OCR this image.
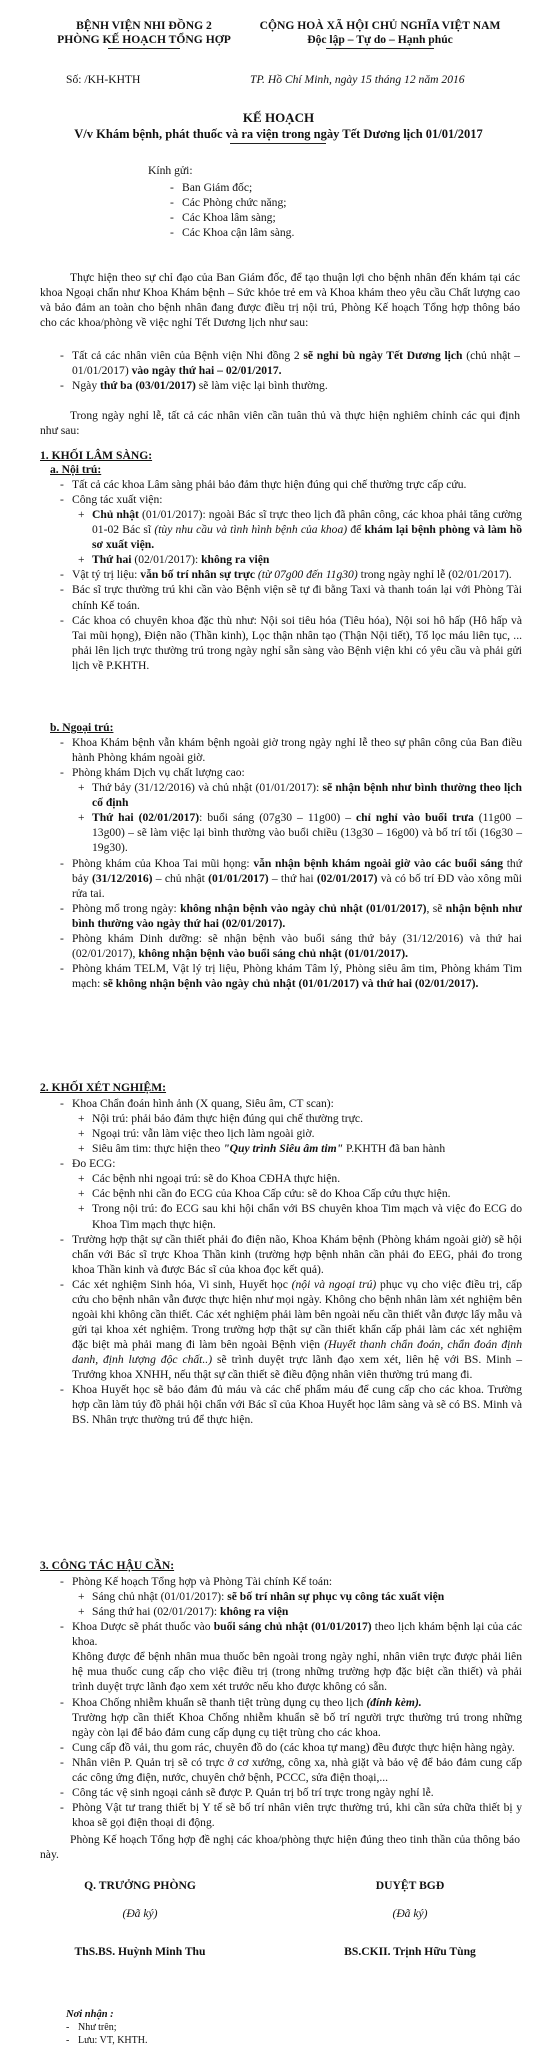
BỆNH VIỆN NHI ĐỒNG 2
PHÒNG KẾ HOẠCH TỔNG HỢP
CỘNG HOÀ XÃ HỘI CHỦ NGHĨA VIỆT NAM
Độc lập – Tự do – Hạnh phúc
Số: /KH-KHTH	TP. Hồ Chí Minh, ngày 15 tháng 12 năm 2016
KẾ HOẠCH
V/v Khám bệnh, phát thuốc và ra viện trong ngày Tết Dương lịch 01/01/2017
Kính gửi:
- Ban Giám đốc;
- Các Phòng chức năng;
- Các Khoa lâm sàng;
- Các Khoa cận lâm sàng.
Thực hiện theo sự chỉ đạo của Ban Giám đốc, để tạo thuận lợi cho bệnh nhân đến khám tại các khoa Ngoại chẩn như Khoa Khám bệnh – Sức khỏe trẻ em và Khoa khám theo yêu cầu Chất lượng cao và bảo đảm an toàn cho bệnh nhân đang được điều trị nội trú, Phòng Kế hoạch Tổng hợp thông báo cho các khoa/phòng về việc nghỉ Tết Dương lịch như sau:
- Tất cả các nhân viên của Bệnh viện Nhi đồng 2 sẽ nghỉ bù ngày Tết Dương lịch (chủ nhật – 01/01/2017) vào ngày thứ hai – 02/01/2017.
- Ngày thứ ba (03/01/2017) sẽ làm việc lại bình thường.
Trong ngày nghỉ lễ, tất cả các nhân viên cần tuân thủ và thực hiện nghiêm chỉnh các qui định như sau:
1. KHỐI LÂM SÀNG:
a. Nội trú:
- Tất cả các khoa Lâm sàng phải bảo đảm thực hiện đúng qui chế thường trực cấp cứu.
- Công tác xuất viện:
+ Chủ nhật (01/01/2017): ngoài Bác sĩ trực theo lịch đã phân công, các khoa phải tăng cường 01-02 Bác sĩ (tùy nhu cầu và tình hình bệnh của khoa) để khám lại bệnh phòng và làm hồ sơ xuất viện.
+ Thứ hai (02/01/2017): không ra viện
- Vật tý trị liệu: vẫn bố trí nhân sự trực (từ 07g00 đến 11g30) trong ngày nghỉ lễ (02/01/2017).
- Bác sĩ trực thường trú khi cần vào Bệnh viện sẽ tự đi bằng Taxi và thanh toán lại với Phòng Tài chính Kế toán.
- Các khoa có chuyên khoa đặc thù như: Nội soi tiêu hóa (Tiêu hóa), Nội soi hô hấp (Hô hấp và Tai mũi họng), Điện não (Thần kinh), Lọc thận nhân tạo (Thận Nội tiết), Tổ lọc máu liên tục, ... phải lên lịch trực thường trú trong ngày nghỉ sẵn sàng vào Bệnh viện khi có yêu cầu và phải gửi lịch về P.KHTH.
b. Ngoại trú:
- Khoa Khám bệnh vẫn khám bệnh ngoài giờ trong ngày nghỉ lễ theo sự phân công của Ban điều hành Phòng khám ngoài giờ.
- Phòng khám Dịch vụ chất lượng cao:
+ Thứ bảy (31/12/2016) và chủ nhật (01/01/2017): sẽ nhận bệnh như bình thường theo lịch cố định
+ Thứ hai (02/01/2017): buổi sáng (07g30 – 11g00) – chỉ nghỉ vào buổi trưa (11g00 – 13g00) – sẽ làm việc lại bình thường vào buổi chiều (13g30 – 16g00) và bố trí tối (16g30 – 19g30).
- Phòng khám của Khoa Tai mũi họng: vẫn nhận bệnh khám ngoài giờ vào các buổi sáng thứ bảy (31/12/2016) – chủ nhật (01/01/2017) – thứ hai (02/01/2017) và có bố trí ĐD vào xông mũi rửa tai.
- Phòng mổ trong ngày: không nhận bệnh vào ngày chủ nhật (01/01/2017), sẽ nhận bệnh như bình thường vào ngày thứ hai (02/01/2017).
- Phòng khám Dinh dưỡng: sẽ nhận bệnh vào buổi sáng thứ bảy (31/12/2016) và thứ hai (02/01/2017), không nhận bệnh vào buổi sáng chủ nhật (01/01/2017).
- Phòng khám TELM, Vật lý trị liệu, Phòng khám Tâm lý, Phòng siêu âm tim, Phòng khám Tim mạch: sẽ không nhận bệnh vào ngày chủ nhật (01/01/2017) và thứ hai (02/01/2017).
2. KHỐI XÉT NGHIỆM:
- Khoa Chẩn đoán hình ảnh (X quang, Siêu âm, CT scan):
+ Nội trú: phải bảo đảm thực hiện đúng qui chế thường trực.
+ Ngoại trú: vẫn làm việc theo lịch làm ngoài giờ.
+ Siêu âm tim: thực hiện theo "Quy trình Siêu âm tim" P.KHTH đã ban hành
- Đo ECG:
+ Các bệnh nhi ngoại trú: sẽ do Khoa CĐHA thực hiện.
+ Các bệnh nhi cần đo ECG của Khoa Cấp cứu: sẽ do Khoa Cấp cứu thực hiện.
+ Trong nội trú: đo ECG sau khi hội chẩn với BS chuyên khoa Tim mạch và việc đo ECG do Khoa Tim mạch thực hiện.
- Trường hợp thật sự cần thiết phải đo điện não, Khoa Khám bệnh (Phòng khám ngoài giờ) sẽ hội chẩn với Bác sĩ trực Khoa Thần kinh (trường hợp bệnh nhân cần phải đo EEG, phải đo trong khoa Thần kinh và được Bác sĩ của khoa đọc kết quả).
- Các xét nghiệm Sinh hóa, Vi sinh, Huyết học (nội và ngoại trú) phục vụ cho việc điều trị, cấp cứu cho bệnh nhân vẫn được thực hiện như mọi ngày. Không cho bệnh nhân làm xét nghiệm bên ngoài khi không cần thiết. Các xét nghiệm phải làm bên ngoài nếu cần thiết vẫn được lấy mẫu và gửi tại khoa xét nghiệm. Trong trường hợp thật sự cần thiết khẩn cấp phải làm các xét nghiệm đặc biệt mà phải mang đi làm bên ngoài Bệnh viện (Huyết thanh chẩn đoán, chẩn đoán định danh, định lượng độc chất..) sẽ trình duyệt trực lãnh đạo xem xét, liên hệ với BS. Minh – Trưởng khoa XNHH, nếu thật sự cần thiết sẽ điều động nhân viên thường trú mang đi.
- Khoa Huyết học sẽ bảo đảm đủ máu và các chế phẩm máu để cung cấp cho các khoa. Trường hợp cần làm túy đồ phải hội chẩn với Bác sĩ của Khoa Huyết học lâm sàng và sẽ có BS. Minh và BS. Nhân trực thường trú để thực hiện.
3. CÔNG TÁC HẬU CẦN:
- Phòng Kế hoạch Tổng hợp và Phòng Tài chính Kế toán:
+ Sáng chủ nhật (01/01/2017): sẽ bố trí nhân sự phục vụ công tác xuất viện
+ Sáng thứ hai (02/01/2017): không ra viện
- Khoa Dược sẽ phát thuốc vào buổi sáng chủ nhật (01/01/2017) theo lịch khám bệnh lại của các khoa.
Không được để bệnh nhân mua thuốc bên ngoài trong ngày nghỉ, nhân viên trực được phải liên hệ mua thuốc cung cấp cho việc điều trị (trong những trường hợp đặc biệt cần thiết) và phải trình duyệt trực lãnh đạo xem xét trước nếu kho được không có sẵn.
- Khoa Chống nhiễm khuẩn sẽ thanh tiệt trùng dụng cụ theo lịch (đính kèm).
Trường hợp cần thiết Khoa Chống nhiễm khuẩn sẽ bố trí người trực thường trú trong những ngày còn lại để bảo đảm cung cấp dụng cụ tiệt trùng cho các khoa.
- Cung cấp đồ vải, thu gom rác, chuyên đồ do (các khoa tự mang) đều được thực hiện hàng ngày.
- Nhân viên P. Quản trị sẽ có trực ở cơ xưởng, công xa, nhà giặt và bảo vệ để bảo đảm cung cấp các công ứng điện, nước, chuyên chở bệnh, PCCC, sửa điện thoại,...
- Công tác vệ sinh ngoại cảnh sẽ được P. Quản trị bố trí trực trong ngày nghỉ lễ.
- Phòng Vật tư trang thiết bị Y tế sẽ bố trí nhân viên trực thường trú, khi cần sửa chữa thiết bị y khoa sẽ gọi điện thoại di động.
Phòng Kế hoạch Tổng hợp đề nghị các khoa/phòng thực hiện đúng theo tinh thần của thông báo này.
Q. TRƯỞNG PHÒNG
(Đã ký)
ThS.BS. Huỳnh Minh Thu
DUYỆT BGĐ
(Đã ký)
BS.CKII. Trịnh Hữu Tùng
Nơi nhận :
- Như trên;
- Lưu: VT, KHTH.
